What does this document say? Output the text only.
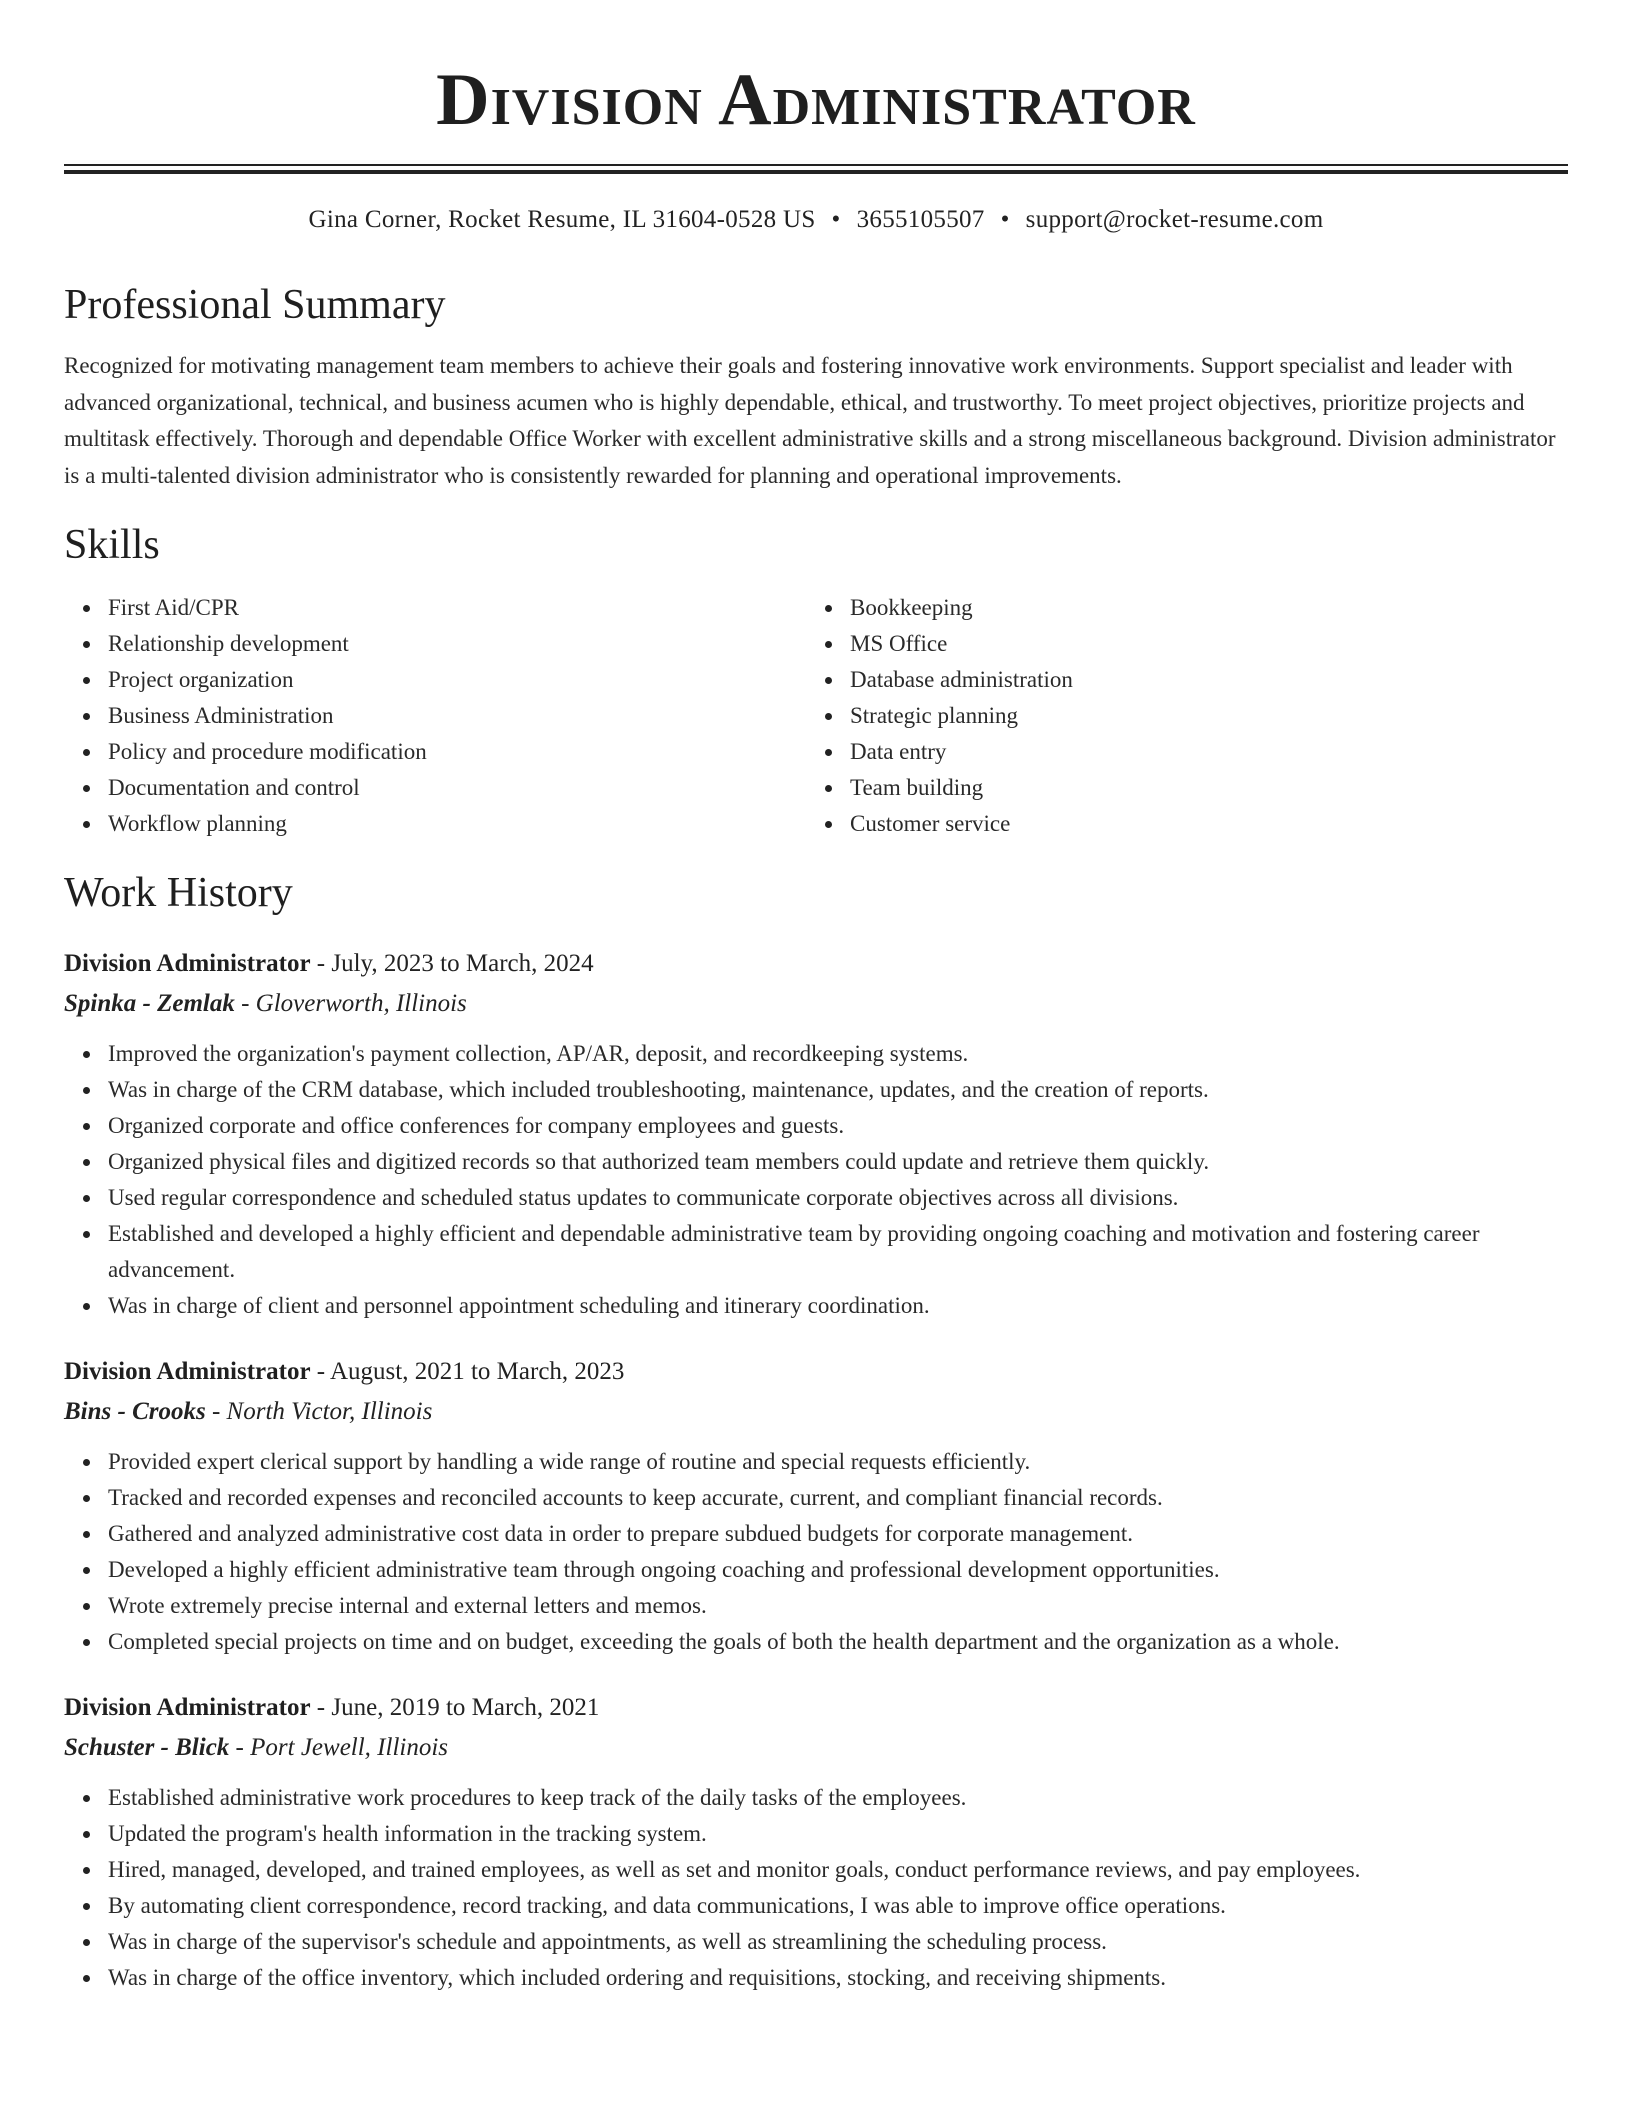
Division Administrator
Gina Corner, Rocket Resume, IL 31604-0528 US • 3655105507 • support@rocket-resume.com
Professional Summary

Recognized for motivating management team members to achieve their goals and fostering innovative work environments. Support specialist and leader with advanced organizational, technical, and business acumen who is highly dependable, ethical, and trustworthy. To meet project objectives, prioritize projects and multitask effectively. Thorough and dependable Office Worker with excellent administrative skills and a strong miscellaneous background. Division administrator is a multi-talented division administrator who is consistently rewarded for planning and operational improvements.

Skills
First Aid/CPR
Relationship development
Project organization
Business Administration
Policy and procedure modification
Documentation and control
Workflow planning
Bookkeeping
MS Office
Database administration
Strategic planning
Data entry
Team building
Customer service
Work History
Division Administrator - July, 2023 to March, 2024
Spinka - Zemlak - Gloverworth, Illinois
Improved the organization's payment collection, AP/AR, deposit, and recordkeeping systems.
Was in charge of the CRM database, which included troubleshooting, maintenance, updates, and the creation of reports.
Organized corporate and office conferences for company employees and guests.
Organized physical files and digitized records so that authorized team members could update and retrieve them quickly.
Used regular correspondence and scheduled status updates to communicate corporate objectives across all divisions.
Established and developed a highly efficient and dependable administrative team by providing ongoing coaching and motivation and fostering career advancement.
Was in charge of client and personnel appointment scheduling and itinerary coordination.
Division Administrator - August, 2021 to March, 2023
Bins - Crooks - North Victor, Illinois
Provided expert clerical support by handling a wide range of routine and special requests efficiently.
Tracked and recorded expenses and reconciled accounts to keep accurate, current, and compliant financial records.
Gathered and analyzed administrative cost data in order to prepare subdued budgets for corporate management.
Developed a highly efficient administrative team through ongoing coaching and professional development opportunities.
Wrote extremely precise internal and external letters and memos.
Completed special projects on time and on budget, exceeding the goals of both the health department and the organization as a whole.
Division Administrator - June, 2019 to March, 2021
Schuster - Blick - Port Jewell, Illinois
Established administrative work procedures to keep track of the daily tasks of the employees.
Updated the program's health information in the tracking system.
Hired, managed, developed, and trained employees, as well as set and monitor goals, conduct performance reviews, and pay employees.
By automating client correspondence, record tracking, and data communications, I was able to improve office operations.
Was in charge of the supervisor's schedule and appointments, as well as streamlining the scheduling process.
Was in charge of the office inventory, which included ordering and requisitions, stocking, and receiving shipments.
